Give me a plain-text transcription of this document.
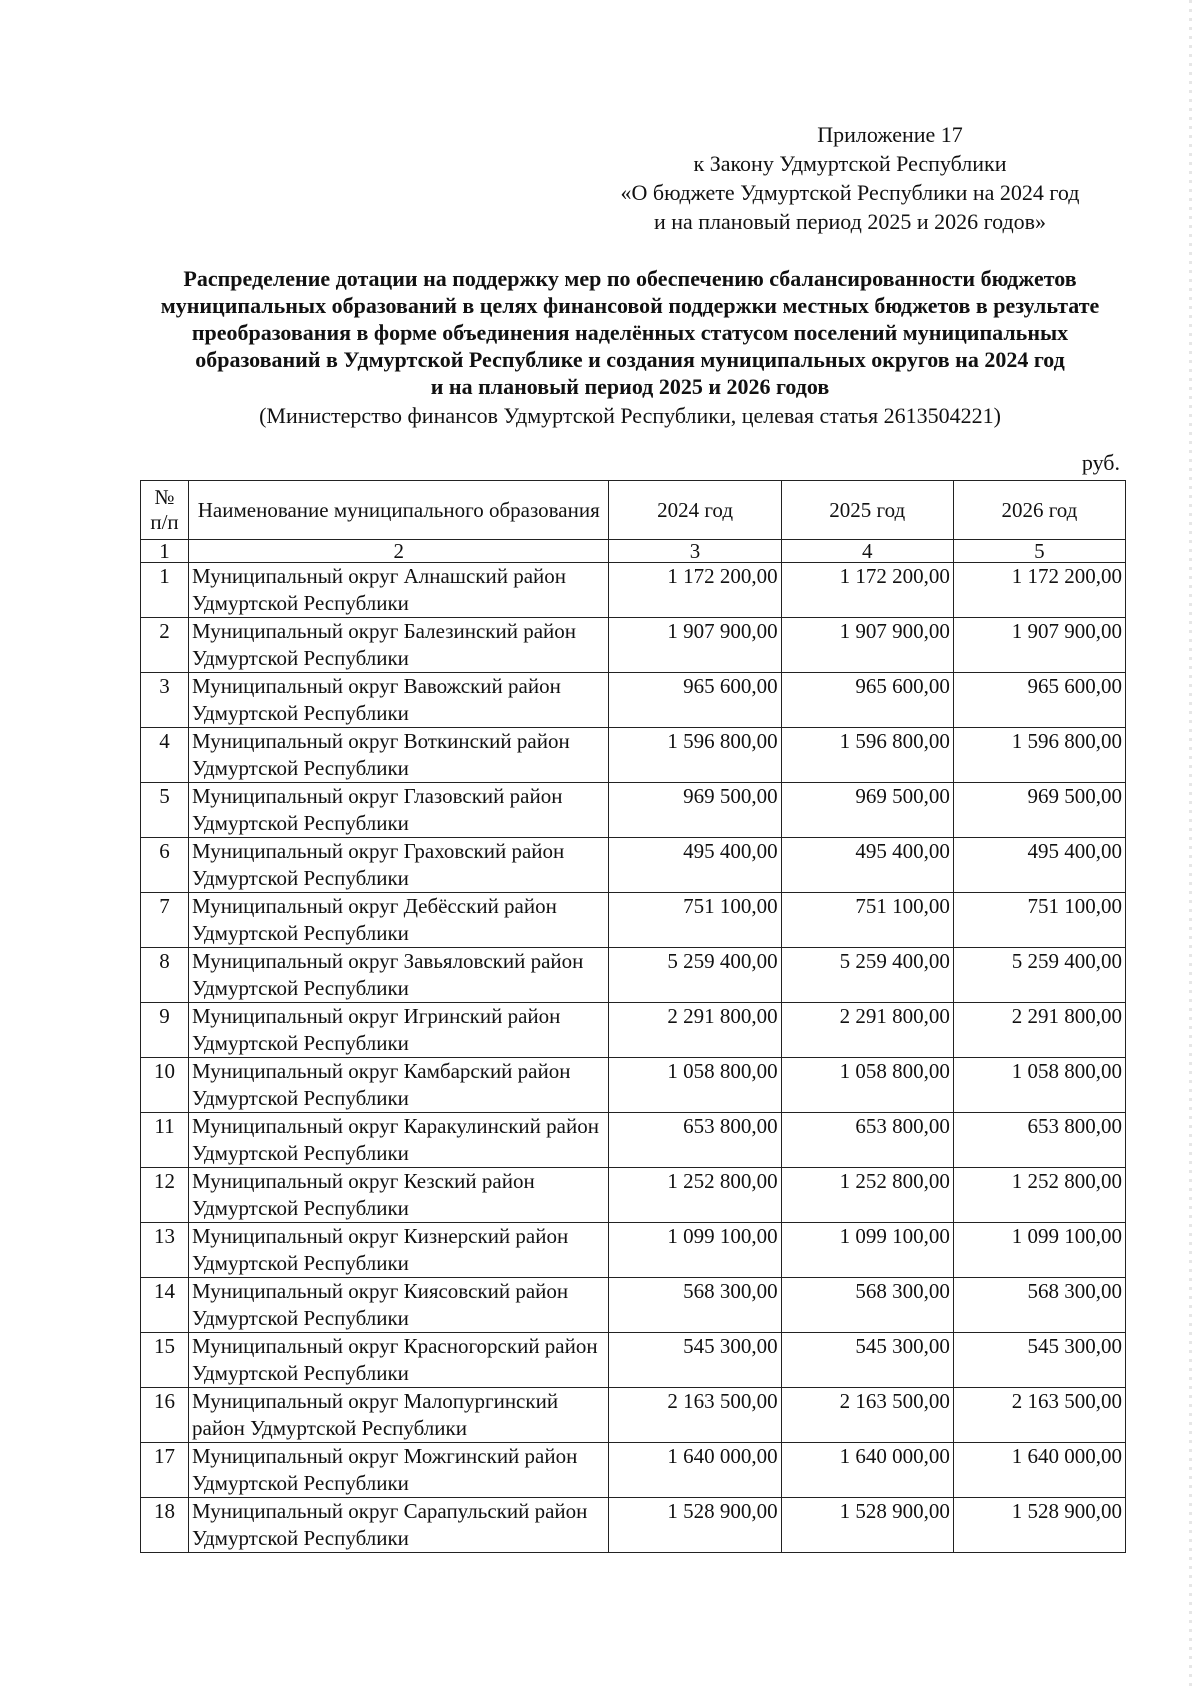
Приложение 17
к Закону Удмуртской Республики
«О бюджете Удмуртской Республики на 2024 год
и на плановый период 2025 и 2026 годов»
Распределение дотации на поддержку мер по обеспечению сбалансированности бюджетов
муниципальных образований в целях финансовой поддержки местных бюджетов в результате
преобразования в форме объединения наделённых статусом поселений муниципальных
образований в Удмуртской Республике и создания муниципальных округов на 2024 год
и на плановый период 2025 и 2026 годов
(Министерство финансов Удмуртской Республики, целевая статья 2613504221)
руб.
№
п/п	Наименование муниципального образования	2024 год	2025 год	2026 год
1	2	3	4	5
1	Муниципальный округ Алнашский район Удмуртской Республики	1 172 200,00	1 172 200,00	1 172 200,00
2	Муниципальный округ Балезинский район Удмуртской Республики	1 907 900,00	1 907 900,00	1 907 900,00
3	Муниципальный округ Вавожский район Удмуртской Республики	965 600,00	965 600,00	965 600,00
4	Муниципальный округ Воткинский район Удмуртской Республики	1 596 800,00	1 596 800,00	1 596 800,00
5	Муниципальный округ Глазовский район Удмуртской Республики	969 500,00	969 500,00	969 500,00
6	Муниципальный округ Граховский район Удмуртской Республики	495 400,00	495 400,00	495 400,00
7	Муниципальный округ Дебёсский район Удмуртской Республики	751 100,00	751 100,00	751 100,00
8	Муниципальный округ Завьяловский район Удмуртской Республики	5 259 400,00	5 259 400,00	5 259 400,00
9	Муниципальный округ Игринский район Удмуртской Республики	2 291 800,00	2 291 800,00	2 291 800,00
10	Муниципальный округ Камбарский район Удмуртской Республики	1 058 800,00	1 058 800,00	1 058 800,00
11	Муниципальный округ Каракулинский район Удмуртской Республики	653 800,00	653 800,00	653 800,00
12	Муниципальный округ Кезский район Удмуртской Республики	1 252 800,00	1 252 800,00	1 252 800,00
13	Муниципальный округ Кизнерский район Удмуртской Республики	1 099 100,00	1 099 100,00	1 099 100,00
14	Муниципальный округ Киясовский район Удмуртской Республики	568 300,00	568 300,00	568 300,00
15	Муниципальный округ Красногорский район Удмуртской Республики	545 300,00	545 300,00	545 300,00
16	Муниципальный округ Малопургинский район Удмуртской Республики	2 163 500,00	2 163 500,00	2 163 500,00
17	Муниципальный округ Можгинский район Удмуртской Республики	1 640 000,00	1 640 000,00	1 640 000,00
18	Муниципальный округ Сарапульский район Удмуртской Республики	1 528 900,00	1 528 900,00	1 528 900,00
